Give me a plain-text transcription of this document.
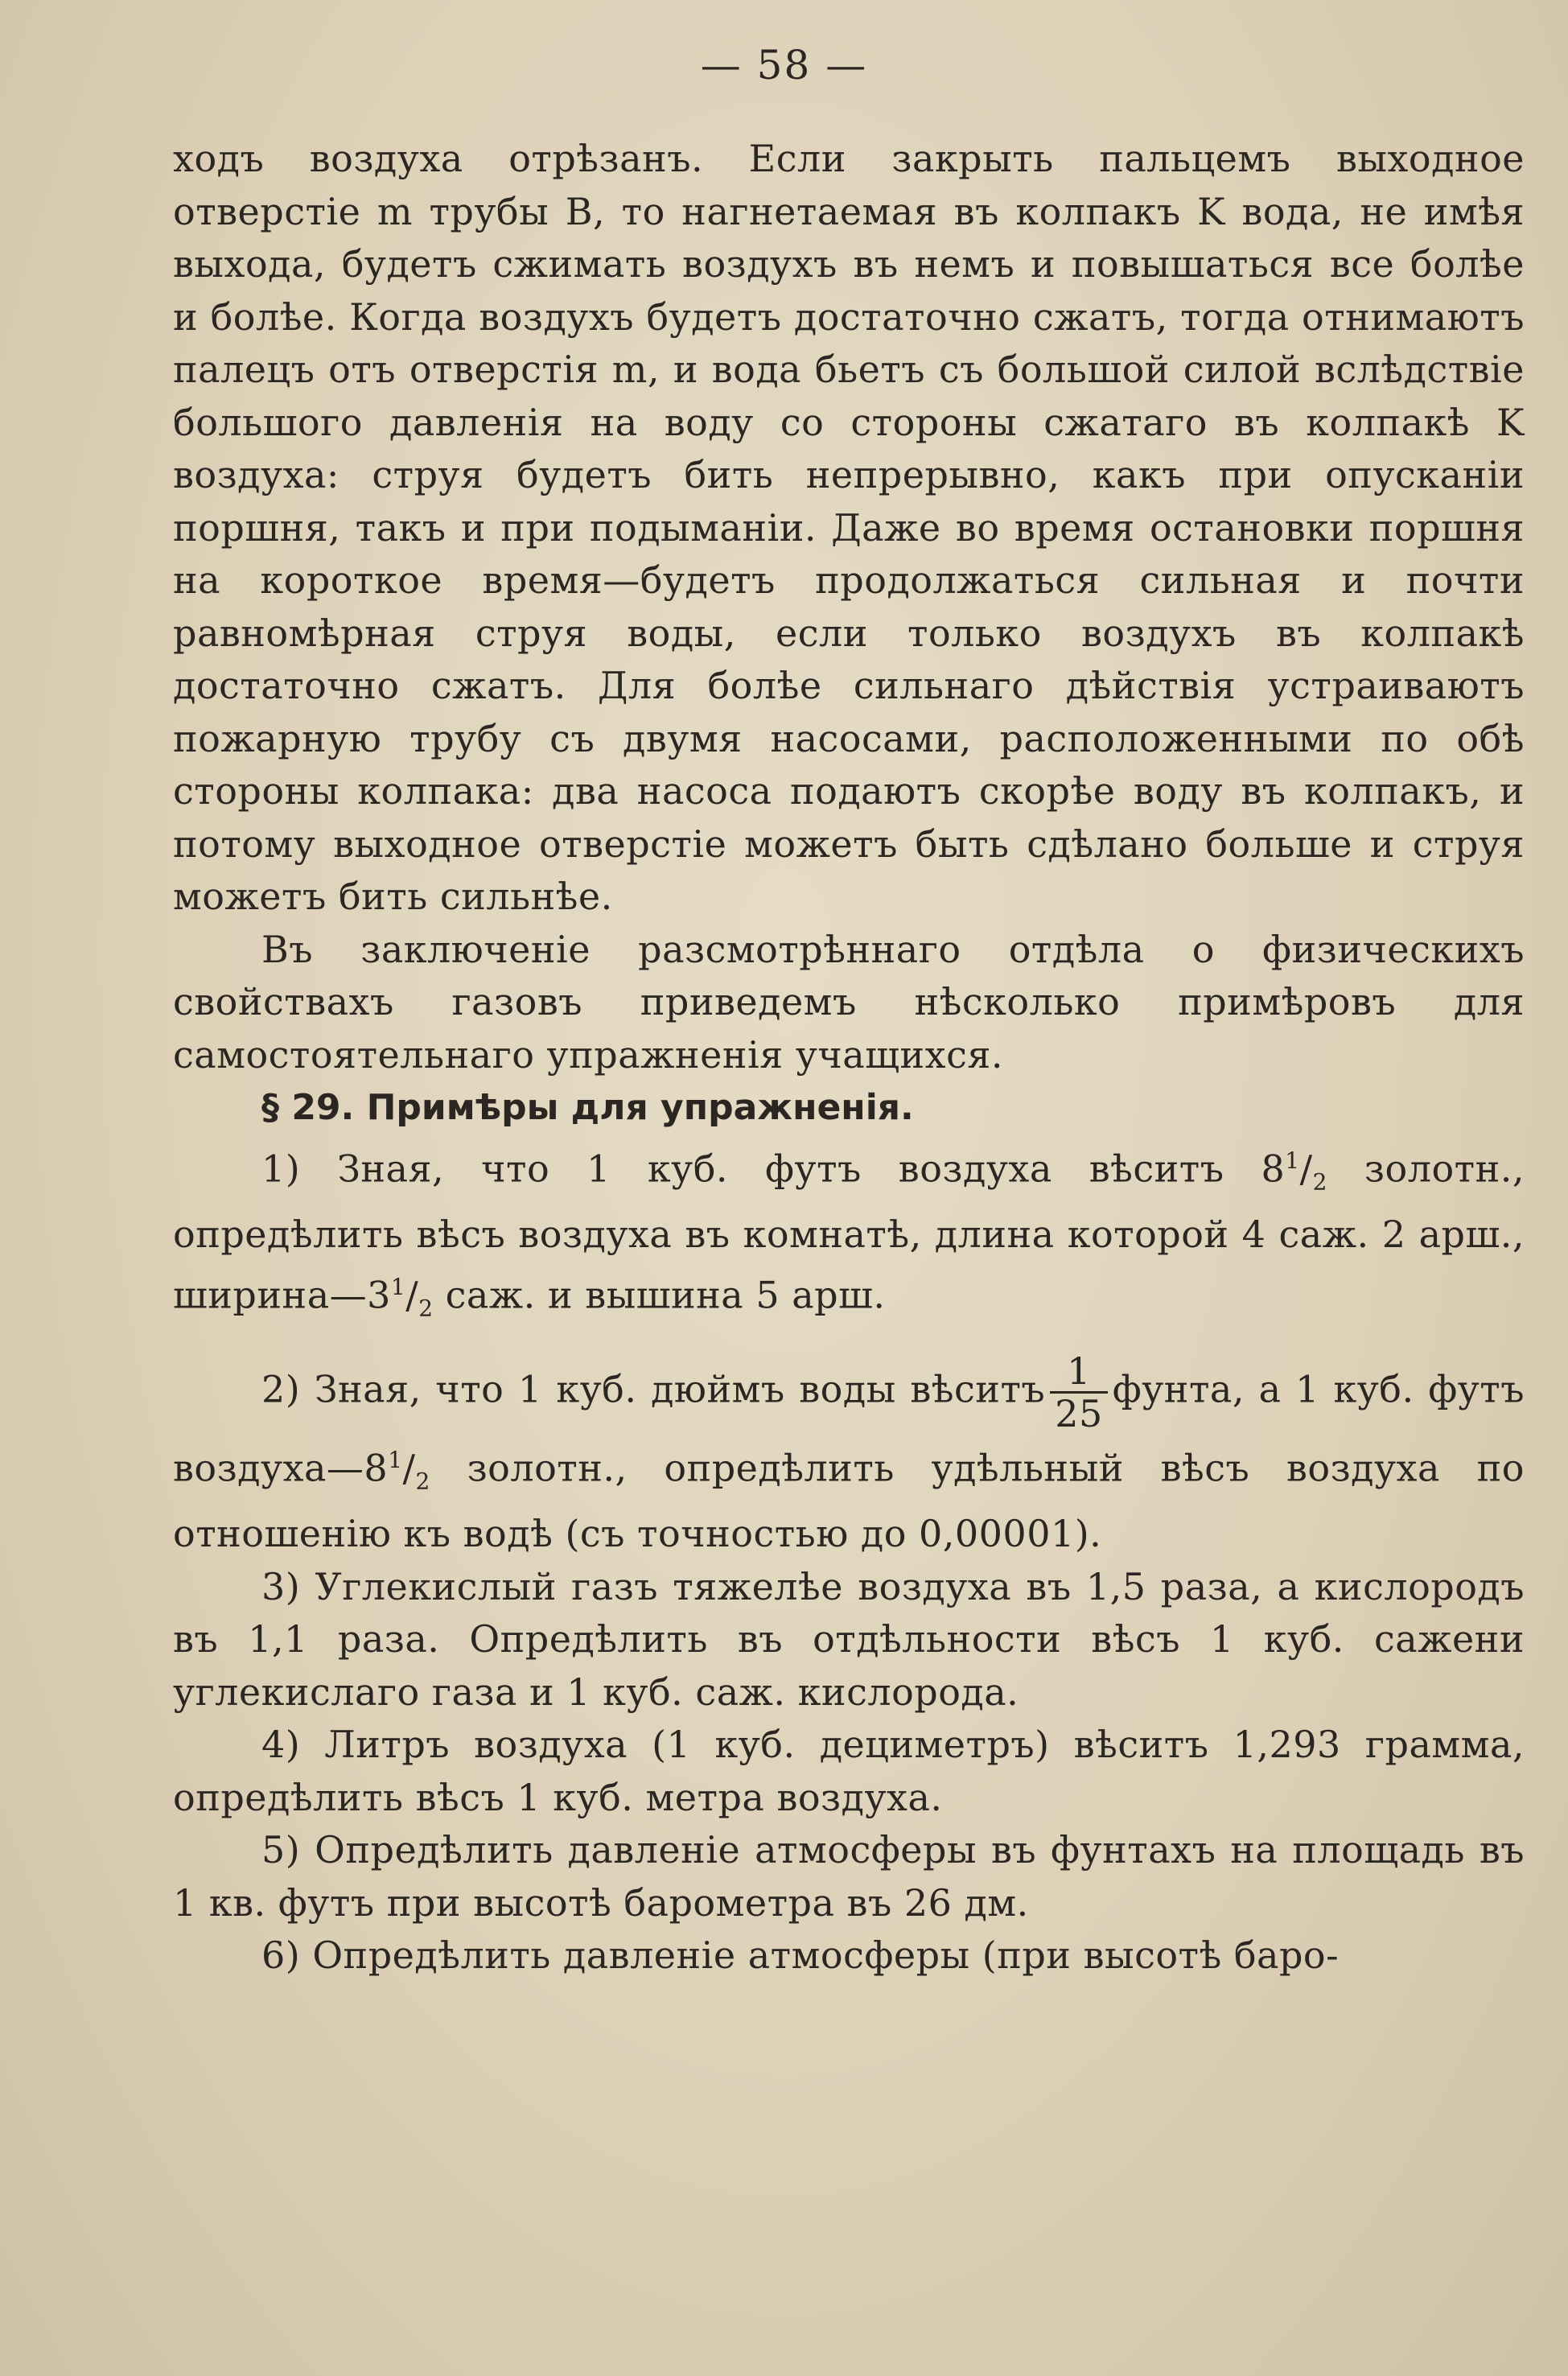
— 58 —

ходъ воздуха отрѣзанъ. Если закрыть пальцемъ выходное отверстіе m трубы B, то нагнетаемая въ колпакъ K вода, не имѣя выхода, будетъ сжимать воздухъ въ немъ и повышаться все болѣе и болѣе. Когда воздухъ будетъ достаточно сжатъ, тогда отнимаютъ палецъ отъ отверстія m, и вода бьетъ съ большой силой вслѣдствіе большого давленія на воду со стороны сжатаго въ колпакѣ K воздуха: струя будетъ бить непрерывно, какъ при опусканіи поршня, такъ и при подыманіи. Даже во время остановки поршня на короткое время—будетъ продолжаться сильная и почти равномѣрная струя воды, если только воздухъ въ колпакѣ достаточно сжатъ. Для болѣе сильнаго дѣйствія устраиваютъ пожарную трубу съ двумя насосами, расположенными по обѣ стороны колпака: два насоса подаютъ скорѣе воду въ колпакъ, и потому выходное отверстіе можетъ быть сдѣлано больше и струя можетъ бить сильнѣе.

Въ заключеніе разсмотрѣннаго отдѣла о физическихъ свойствахъ газовъ приведемъ нѣсколько примѣровъ для самостоятельнаго упражненія учащихся.

§ 29. Примѣры для упражненія.

1) Зная, что 1 куб. футъ воздуха вѣситъ $8^1/_2$ золотн., опредѣлить вѣсъ воздуха въ комнатѣ, длина которой 4 саж. 2 арш., $ширина—3^1/_2$ саж. и вышина 5 арш.

2) Зная, что 1 куб. дюймъ воды вѣситъ $\frac{1}{25}$ фунта, а 1 куб. футъ $воздуха—8^1/_2$ золотн., опредѣлить удѣльный вѣсъ воздуха по отношенію къ водѣ (съ точностью до 0,00001).

3) Углекислый газъ тяжелѣе воздуха въ 1,5 раза, а кислородъ въ 1,1 раза. Опредѣлить въ отдѣльности вѣсъ 1 куб. сажени углекислаго газа и 1 куб. саж. кислорода.

4) Литръ воздуха (1 куб. дециметръ) вѣситъ 1,293 грамма, опредѣлить вѣсъ 1 куб. метра воздуха.

5) Опредѣлить давленіе атмосферы въ фунтахъ на площадь въ 1 кв. футъ при высотѣ барометра въ 26 дм.

6) Опредѣлить давленіе атмосферы (при высотѣ баро-
